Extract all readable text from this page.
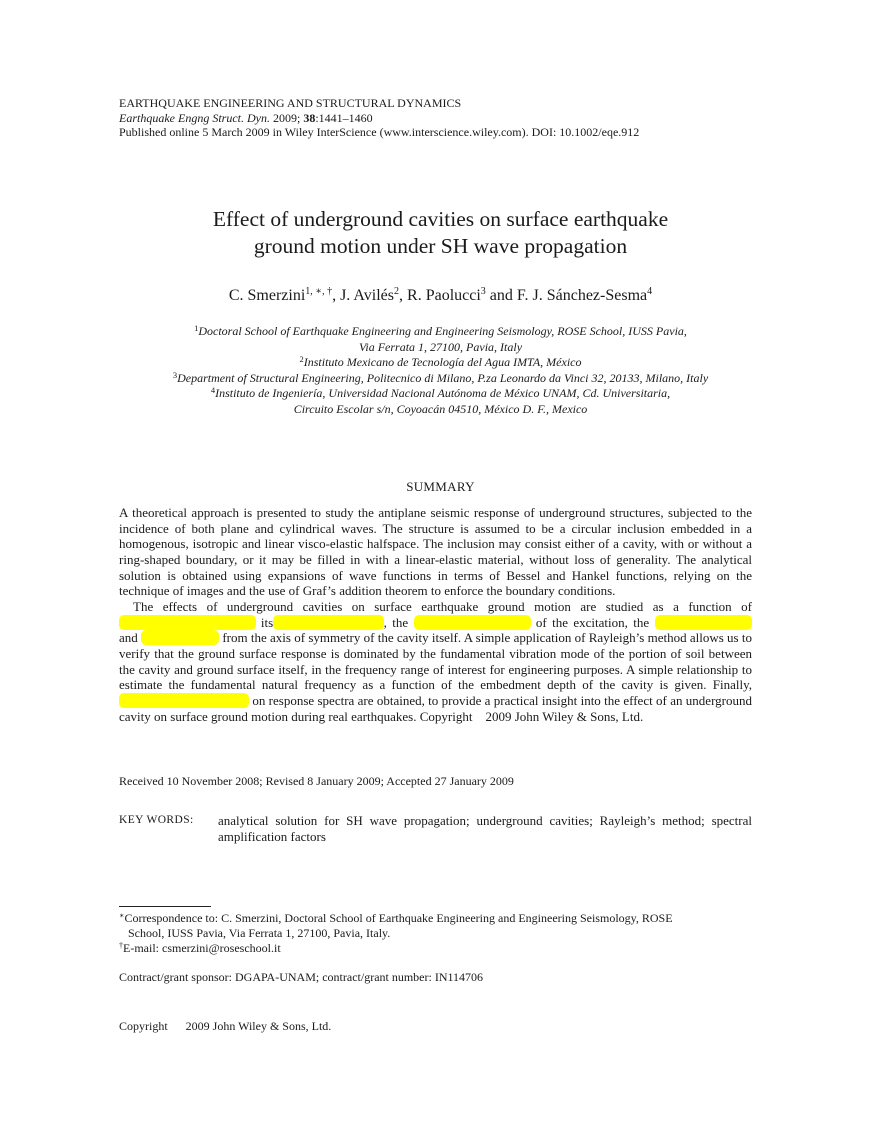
EARTHQUAKE ENGINEERING AND STRUCTURAL DYNAMICS
Earthquake Engng Struct. Dyn. 2009; 38:1441–1460
Published online 5 March 2009 in Wiley InterScience (www.interscience.wiley.com). DOI: 10.1002/eqe.912
Effect of underground cavities on surface earthquake
ground motion under SH wave propagation
C. Smerzini$^{1, ∗, \dagger}$, J. Avilés$^2$, R. Paolucci$^3$ and F. J. Sánchez-Sesma$^4$
$^1$Doctoral School of Earthquake Engineering and Engineering Seismology, ROSE School, IUSS Pavia,
Via Ferrata 1, 27100, Pavia, Italy
$^2$Instituto Mexicano de Tecnología del Agua IMTA, México
$^3$Department of Structural Engineering, Politecnico di Milano, P.za Leonardo da Vinci 32, 20133, Milano, Italy
$^4$Instituto de Ingeniería, Universidad Nacional Autónoma de México UNAM, Cd. Universitaria,
Circuito Escolar s/n, Coyoacán 04510, México D. F., Mexico
SUMMARY

A theoretical approach is presented to study the antiplane seismic response of underground structures, subjected to the incidence of both plane and cylindrical waves. The structure is assumed to be a circular inclusion embedded in a homogenous, isotropic and linear visco-elastic halfspace. The inclusion may consist either of a cavity, with or without a ring-shaped boundary, or it may be filled in with a linear-elastic material, without loss of generality. The analytical solution is obtained using expansions of wave functions in terms of Bessel and Hankel functions, relying on the technique of images and the use of Graf’s addition theorem to enforce the boundary conditions.

The effects of underground cavities on surface earthquake ground motion are studied as a function of its	, the	of the excitation, the and	from the axis of symmetry of the cavity itself. A simple application of Rayleigh’s method allows us to verify that the ground surface response is dominated by the fundamental vibration mode of the portion of soil between the cavity and ground surface itself, in the frequency range of interest for engineering purposes. A simple relationship to estimate the fundamental natural frequency as a function of the embedment depth of the cavity is given. Finally, on response spectra are obtained, to provide a practical insight into the effect of an underground cavity on surface ground motion during real earthquakes. Copyright 2009 John Wiley & Sons, Ltd.

Received 10 November 2008; Revised 8 January 2009; Accepted 27 January 2009
KEY WORDS:	analytical solution for SH wave propagation; underground cavities; Rayleigh’s method; spectral amplification factors

∗Correspondence to: C. Smerzini, Doctoral School of Earthquake Engineering and Engineering Seismology, ROSE

School, IUSS Pavia, Via Ferrata 1, 27100, Pavia, Italy.

†E-mail: csmerzini@roseschool.it

Contract/grant sponsor: DGAPA-UNAM; contract/grant number: IN114706
Copyright 2009 John Wiley & Sons, Ltd.
